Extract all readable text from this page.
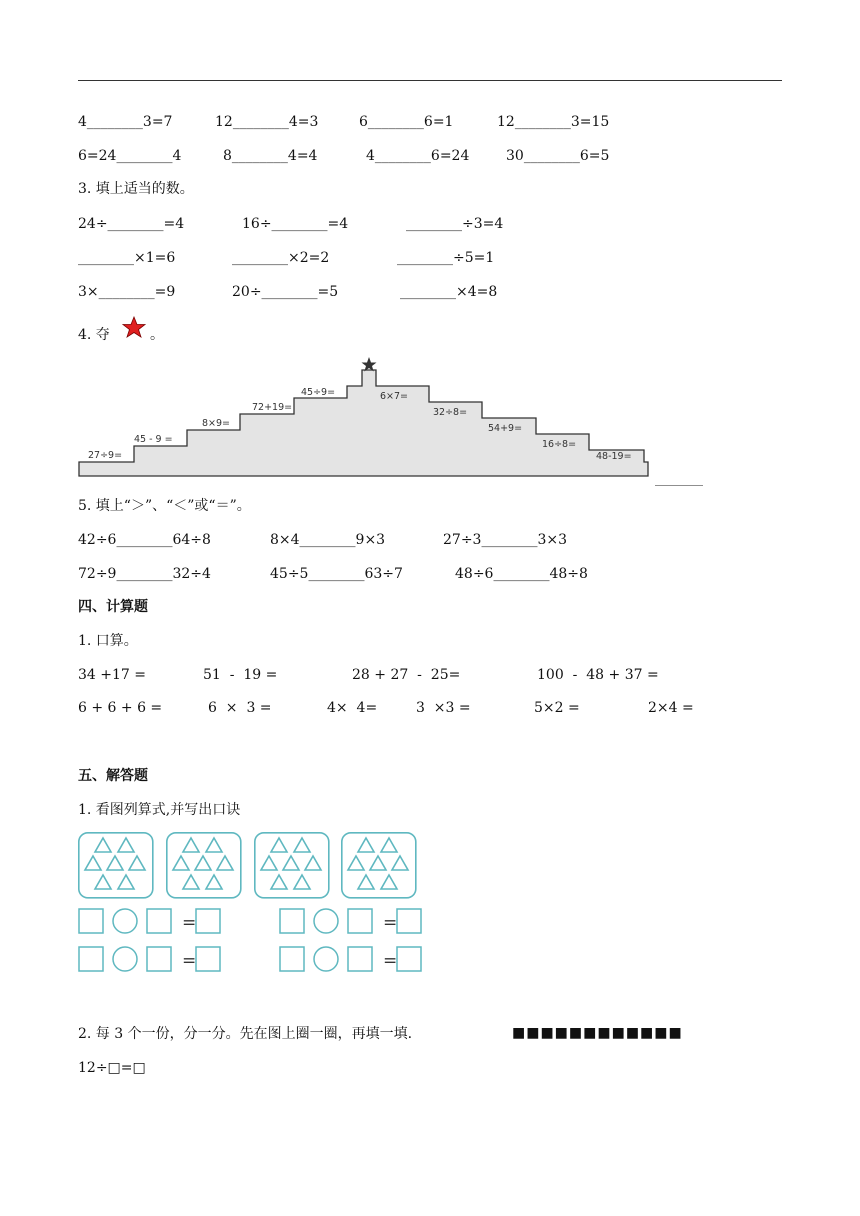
4________3=7	12________4=3	6________6=1	12________3=15
6=24________4	8________4=4	4________6=24	30________6=5
3. 填上适当的数。
24÷________=4	16÷________=4	________÷3=4
________×1=6	________×2=2	________÷5=1
3×________=9	20÷________=5	________×4=8
4. 夺	。
27÷9=
45 - 9 =
8×9=
72+19=
45÷9=	6×7=
32÷8=
54+9=
16÷8=
48-19=
________
5. 填上“＞”、“＜”或“＝”。
42÷6________64÷8	8×4________9×3	27÷3________3×3
72÷9________32÷4	45÷5________63÷7	48÷6________48÷8
四、计算题
1. 口算。
34 +17 =	51  -  19 =	28 + 27  -  25=	100  -  48 + 37 =
6 + 6 + 6 =	6  ×  3 =	4×  4=	3  ×3 =	5×2 =	2×4 =
五、解答题
1. 看图列算式,并写出口诀
=	=
=	=
2. 每 3 个一份，分一分。先在图上圈一圈，再填一填.	■■■■■■■■■■■■
12÷□=□
